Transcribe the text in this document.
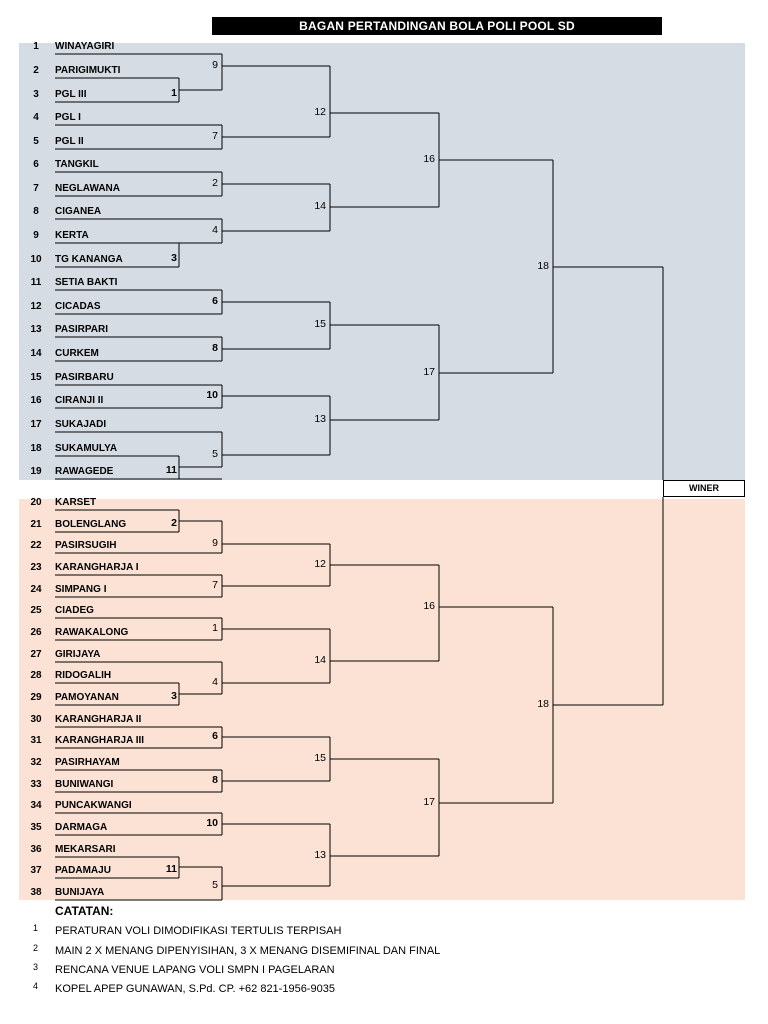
BAGAN PERTANDINGAN BOLA POLI POOL SD
1	WINAYAGIRI
2	PARIGIMUKTI
3	PGL III
4	PGL I
5	PGL II
6	TANGKIL
7	NEGLAWANA
8	CIGANEA
9	KERTA
10	TG KANANGA
11	SETIA BAKTI
12	CICADAS
13	PASIRPARI
14	CURKEM
15	PASIRBARU
16	CIRANJI II
17	SUKAJADI
18	SUKAMULYA
19	RAWAGEDE
1
3
11
9
7
2
4
6
8
10
5
12
14
15
13
16
17
18
20	KARSET
21	BOLENGLANG
22	PASIRSUGIH
23	KARANGHARJA I
24	SIMPANG I
25	CIADEG
26	RAWAKALONG
27	GIRIJAYA
28	RIDOGALIH
29	PAMOYANAN
30	KARANGHARJA II
31	KARANGHARJA III
32	PASIRHAYAM
33	BUNIWANGI
34	PUNCAKWANGI
35	DARMAGA
36	MEKARSARI
37	PADAMAJU
38	BUNIJAYA
2
3
11
9
7
1
4
6
8
10
5
12
14
15
13
16
17
18
WINER
CATATAN:
1 PERATURAN VOLI DIMODIFIKASI TERTULIS TERPISAH
2 MAIN 2 X MENANG DIPENYISIHAN, 3 X MENANG DISEMIFINAL DAN FINAL
3 RENCANA VENUE LAPANG VOLI SMPN I PAGELARAN
4 KOPEL APEP GUNAWAN, S.Pd. CP. +62 821-1956-9035
